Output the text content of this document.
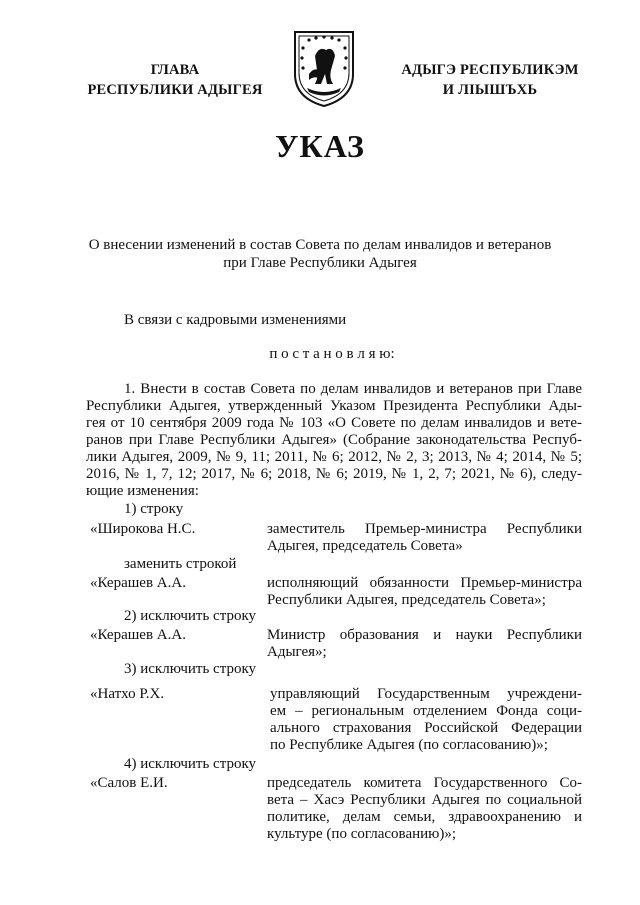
ГЛАВА
РЕСПУБЛИКИ АДЫГЕЯ
АДЫГЭ РЕСПУБЛИКЭМ
И ЛІЫШЪХЬ
УКАЗ
О внесении изменений в состав Совета по делам инвалидов и ветеранов
при Главе Республики Адыгея
В связи с кадровыми изменениями
п о с т а н о в л я ю:
1. Внести в состав Совета по делам инвалидов и ветеранов при Главе
Республики Адыгея, утвержденный Указом Президента Республики Ады-
гея от 10 сентября 2009 года № 103 «О Совете по делам инвалидов и вете-
ранов при Главе Республики Адыгея» (Собрание законодательства Респуб-
лики Адыгея, 2009, № 9, 11; 2011, № 6; 2012, № 2, 3; 2013, № 4; 2014, № 5;
2016, № 1, 7, 12; 2017, № 6; 2018, № 6; 2019, № 1, 2, 7; 2021, № 6), следу-
ющие изменения:
1) строку
«Широкова Н.С.	заместитель Премьер-министра Республики
Адыгея, председатель Совета»
заменить строкой
«Керашев А.А.	исполняющий обязанности Премьер-министра
Республики Адыгея, председатель Совета»;
2) исключить строку
«Керашев А.А.	Министр образования и науки Республики
Адыгея»;
3) исключить строку
«Натхо Р.Х.	управляющий Государственным учреждени-
ем – региональным отделением Фонда соци-
ального страхования Российской Федерации
по Республике Адыгея (по согласованию)»;
4) исключить строку
«Салов Е.И.	председатель комитета Государственного Со-
вета – Хасэ Республики Адыгея по социальной
политике, делам семьи, здравоохранению и
культуре (по согласованию)»;
